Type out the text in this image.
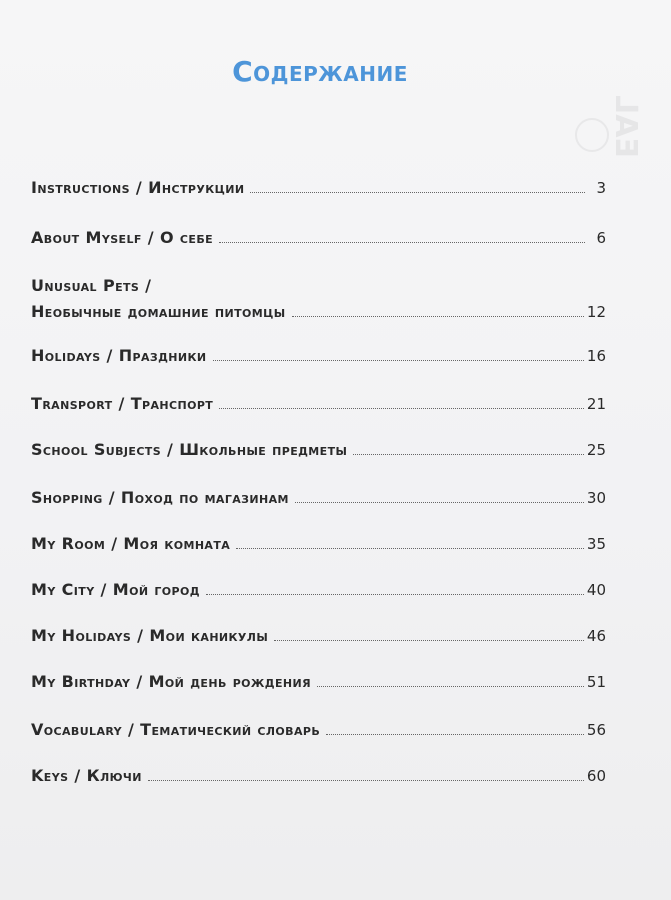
EAL
Содержание
Instructions / Инструкции	3
About Myself / О себе	6
Unusual Pets /
Необычные домашние питомцы	12
Holidays / Праздники	16
Transport / Транспорт	21
School Subjects / Школьные предметы	25
Shopping / Поход по магазинам	30
My Room / Моя комната	35
My City / Мой город	40
My Holidays / Мои каникулы	46
My Birthday / Мой день рождения	51
Vocabulary / Тематический словарь	56
Keys / Ключи	60
